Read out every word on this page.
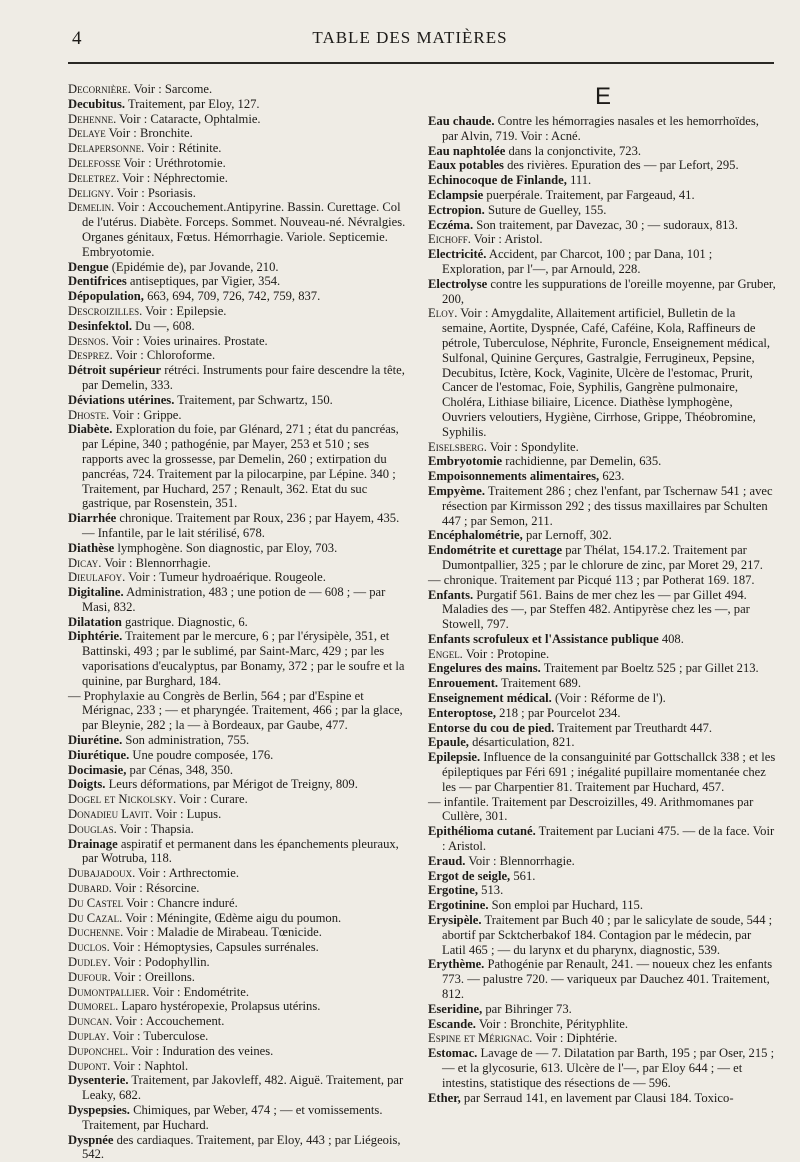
4	TABLE DES MATIÈRES

Decornière. Voir : Sarcome.

Decubitus. Traitement, par Eloy, 127.

Dehenne. Voir : Cataracte, Ophtalmie.

Delaye Voir : Bronchite.

Delapersonne. Voir : Rétinite.

Delefosse Voir : Uréthrotomie.

Deletrez. Voir : Néphrectomie.

Deligny. Voir : Psoriasis.

Demelin. Voir : Accouchement.Antipyrine. Bassin. Curettage. Col de l'utérus. Diabète. Forceps. Sommet. Nouveau-né. Névralgies. Organes génitaux, Fœtus. Hémorrhagie. Variole. Septicemie. Embryotomie.

Dengue (Epidémie de), par Jovande, 210.

Dentifrices antiseptiques, par Vigier, 354.

Dépopulation, 663, 694, 709, 726, 742, 759, 837.

Descroizilles. Voir : Epilepsie.

Desinfektol. Du —, 608.

Desnos. Voir : Voies urinaires. Prostate.

Desprez. Voir : Chloroforme.

Détroit supérieur rétréci. Instruments pour faire descendre la tête, par Demelin, 333.

Déviations utérines. Traitement, par Schwartz, 150.

Dhoste. Voir : Grippe.

Diabète. Exploration du foie, par Glénard, 271 ; état du pancréas, par Lépine, 340 ; pathogénie, par Mayer, 253 et 510 ; ses rapports avec la grossesse, par Demelin, 260 ; extirpation du pancréas, 724. Traitement par la pilocarpine, par Lépine. 340 ; Traitement, par Huchard, 257 ; Renault, 362. Etat du suc gastrique, par Rosenstein, 351.

Diarrhée chronique. Traitement par Roux, 236 ; par Hayem, 435. — Infantile, par le lait stérilisé, 678.

Diathèse lymphogène. Son diagnostic, par Eloy, 703.

Dicay. Voir : Blennorrhagie.

Dieulafoy. Voir : Tumeur hydroaérique. Rougeole.

Digitaline. Administration, 483 ; une potion de — 608 ; — par Masi, 832.

Dilatation gastrique. Diagnostic, 6.

Diphtérie. Traitement par le mercure, 6 ; par l'érysipèle, 351, et Battinski, 493 ; par le sublimé, par Saint-Marc, 429 ; par les vaporisations d'eucalyptus, par Bonamy, 372 ; par le soufre et la quinine, par Burghard, 184.

— Prophylaxie au Congrès de Berlin, 564 ; par d'Espine et Mérignac, 233 ; — et pharyngée. Traitement, 466 ; par la glace, par Bleynie, 282 ; la — à Bordeaux, par Gaube, 477.

Diurétine. Son administration, 755.

Diurétique. Une poudre composée, 176.

Docimasie, par Cénas, 348, 350.

Doigts. Leurs déformations, par Mérigot de Treigny, 809.

Dogel et Nickolsky. Voir : Curare.

Donadieu Lavit. Voir : Lupus.

Douglas. Voir : Thapsia.

Drainage aspiratif et permanent dans les épanchements pleuraux, par Wotruba, 118.

Dubajadoux. Voir : Arthrectomie.

Dubard. Voir : Résorcine.

Du Castel Voir : Chancre induré.

Du Cazal. Voir : Méningite, Œdème aigu du poumon.

Duchenne. Voir : Maladie de Mirabeau. Tœnicide.

Duclos. Voir : Hémoptysies, Capsules surrénales.

Dudley. Voir : Podophyllin.

Dufour. Voir : Oreillons.

Dumontpallier. Voir : Endométrite.

Dumorel. Laparo hystéropexie, Prolapsus utérins.

Duncan. Voir : Accouchement.

Duplay. Voir : Tuberculose.

Duponchel. Voir : Induration des veines.

Dupont. Voir : Naphtol.

Dysenterie. Traitement, par Jakovleff, 482. Aiguë. Traitement, par Leaky, 682.

Dyspepsies. Chimiques, par Weber, 474 ; — et vomissements. Traitement, par Huchard.

Dyspnée des cardiaques. Traitement, par Eloy, 443 ; par Liégeois, 542.

E

Eau chaude. Contre les hémorragies nasales et les hemorrhoïdes, par Alvin, 719. Voir : Acné.

Eau naphtolée dans la conjonctivite, 723.

Eaux potables des rivières. Epuration des — par Lefort, 295.

Echinocoque de Finlande, 111.

Eclampsie puerpérale. Traitement, par Fargeaud, 41.

Ectropion. Suture de Guelley, 155.

Eczéma. Son traitement, par Davezac, 30 ; — sudoraux, 813.

Eichoff. Voir : Aristol.

Electricité. Accident, par Charcot, 100 ; par Dana, 101 ; Exploration, par l'—, par Arnould, 228.

Electrolyse contre les suppurations de l'oreille moyenne, par Gruber, 200,

Eloy. Voir : Amygdalite, Allaitement artificiel, Bulletin de la semaine, Aortite, Dyspnée, Café, Caféine, Kola, Raffineurs de pétrole, Tuberculose, Néphrite, Furoncle, Enseignement médical, Sulfonal, Quinine Gerçures, Gastralgie, Ferrugineux, Pepsine, Decubitus, Ictère, Kock, Vaginite, Ulcère de l'estomac, Prurit, Cancer de l'estomac, Foie, Syphilis, Gangrène pulmonaire, Choléra, Lithiase biliaire, Licence. Diathèse lymphogène, Ouvriers veloutiers, Hygiène, Cirrhose, Grippe, Théobromine, Syphilis.

Eiselsberg. Voir : Spondylite.

Embryotomie rachidienne, par Demelin, 635.

Empoisonnements alimentaires, 623.

Empyème. Traitement 286 ; chez l'enfant, par Tschernaw 541 ; avec résection par Kirmisson 292 ; des tissus maxillaires par Schulten 447 ; par Semon, 211.

Encéphalométrie, par Lernoff, 302.

Endométrite et curettage par Thélat, 154.17.2. Traitement par Dumontpallier, 325 ; par le chlorure de zinc, par Moret 29, 217.

— chronique. Traitement par Picqué 113 ; par Potherat 169. 187.

Enfants. Purgatif 561. Bains de mer chez les — par Gillet 494. Maladies des —, par Steffen 482. Antipyrèse chez les —, par Stowell, 797.

Enfants scrofuleux et l'Assistance publique 408.

Engel. Voir : Protopine.

Engelures des mains. Traitement par Boeltz 525 ; par Gillet 213.

Enrouement. Traitement 689.

Enseignement médical. (Voir : Réforme de l').

Enteroptose, 218 ; par Pourcelot 234.

Entorse du cou de pied. Traitement par Treuthardt 447.

Epaule, désarticulation, 821.

Epilepsie. Influence de la consanguinité par Gottschallck 338 ; et les épileptiques par Féri 691 ; inégalité pupillaire momentanée chez les — par Charpentier 81. Traitement par Huchard, 457.

— infantile. Traitement par Descroizilles, 49. Arithmomanes par Cullère, 301.

Epithélioma cutané. Traitement par Luciani 475. — de la face. Voir : Aristol.

Eraud. Voir : Blennorrhagie.

Ergot de seigle, 561.

Ergotine, 513.

Ergotinine. Son emploi par Huchard, 115.

Erysipèle. Traitement par Buch 40 ; par le salicylate de soude, 544 ; abortif par Scktcherbakof 184. Contagion par le médecin, par Latil 465 ; — du larynx et du pharynx, diagnostic, 539.

Erythème. Pathogénie par Renault, 241. — noueux chez les enfants 773. — palustre 720. — variqueux par Dauchez 401. Traitement, 812.

Eseridine, par Bihringer 73.

Escande. Voir : Bronchite, Pérityphlite.

Espine et Mérignac. Voir : Diphtérie.

Estomac. Lavage de — 7. Dilatation par Barth, 195 ; par Oser, 215 ; — et la glycosurie, 613. Ulcère de l'—, par Eloy 644 ; — et intestins, statistique des résections de — 596.

Ether, par Serraud 141, en lavement par Clausi 184. Toxico-
